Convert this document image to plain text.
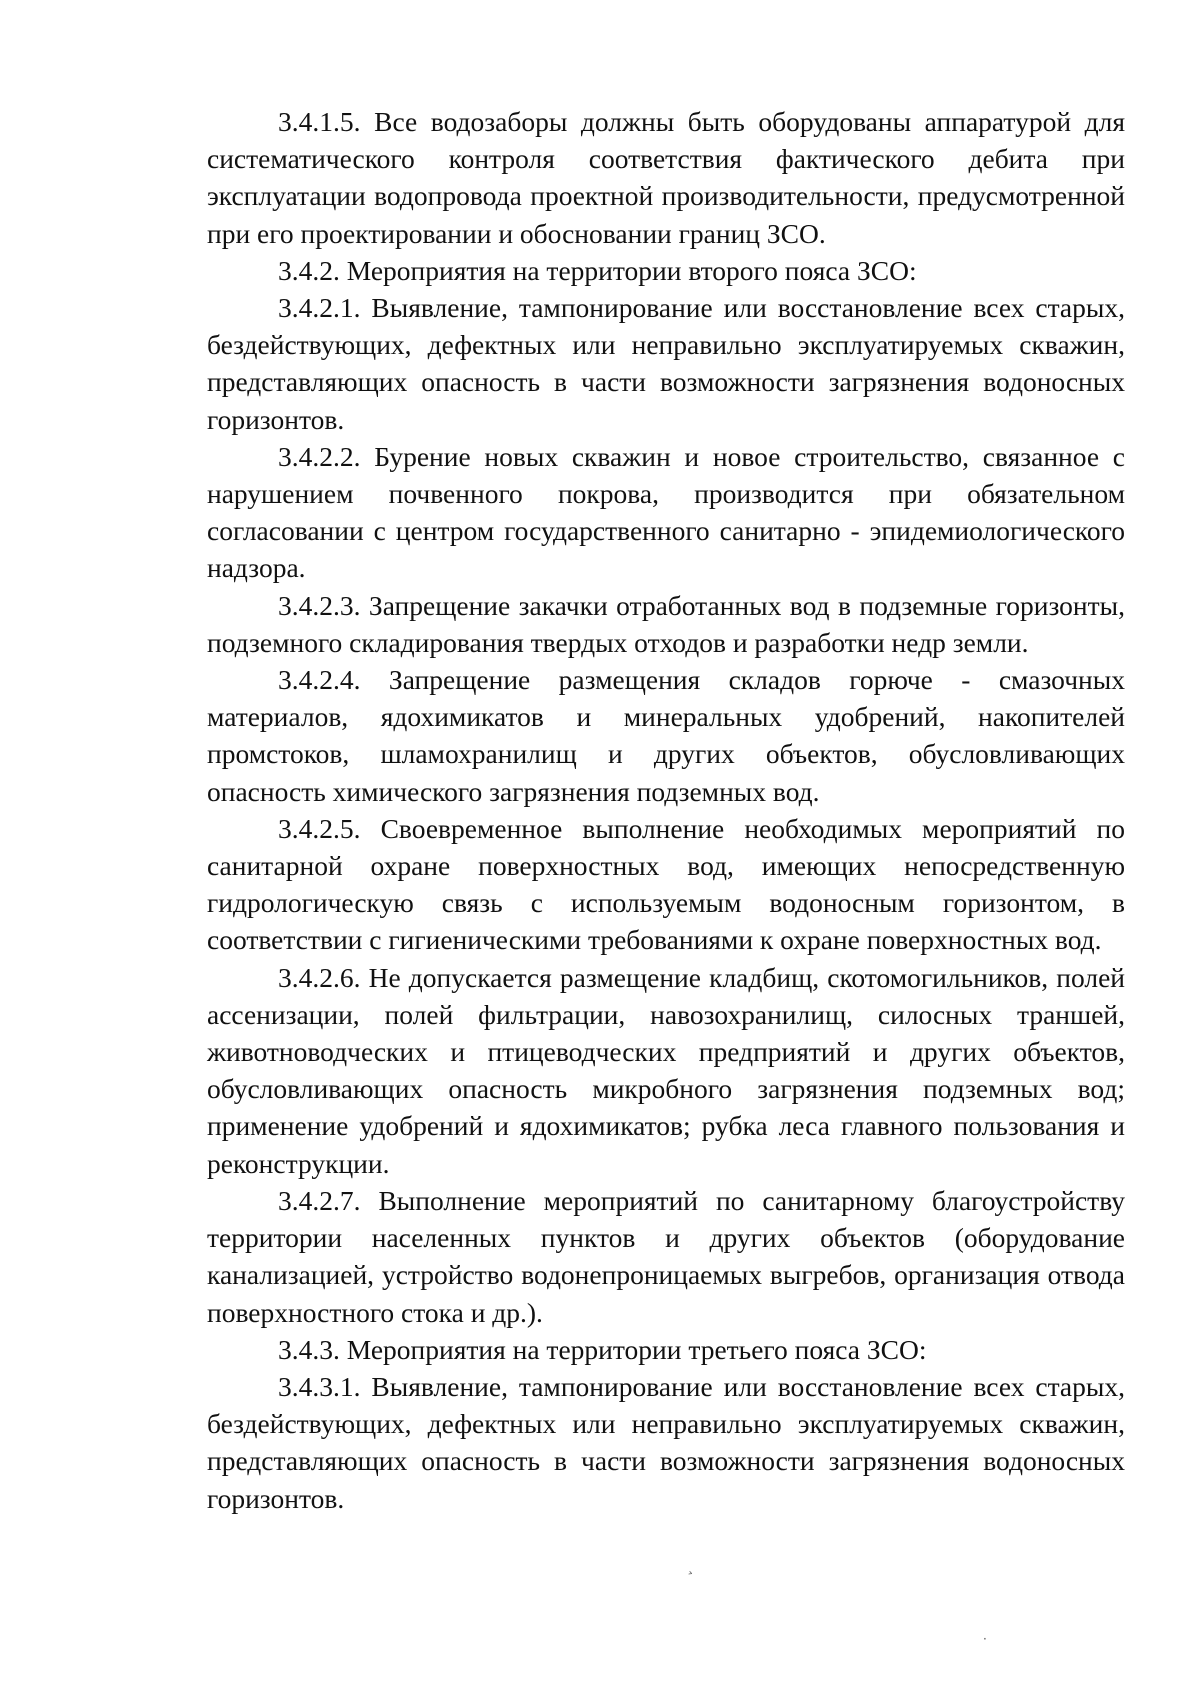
3.4.1.5. Все водозаборы должны быть оборудованы аппаратурой для систематического контроля соответствия фактического дебита при эксплуатации водопровода проектной производительности, предусмотренной при его проектировании и обосновании границ ЗСО.

3.4.2. Мероприятия на территории второго пояса ЗСО:

3.4.2.1. Выявление, тампонирование или восстановление всех старых, бездействующих, дефектных или неправильно эксплуатируемых скважин, представляющих опасность в части возможности загрязнения водоносных горизонтов.

3.4.2.2. Бурение новых скважин и новое строительство, связанное с нарушением почвенного покрова, производится при обязательном согласовании с центром государственного санитарно - эпидемиологического надзора.

3.4.2.3. Запрещение закачки отработанных вод в подземные горизонты, подземного складирования твердых отходов и разработки недр земли.

3.4.2.4. Запрещение размещения складов горюче - смазочных материалов, ядохимикатов и минеральных удобрений, накопителей промстоков, шламохранилищ и других объектов, обусловливающих опасность химического загрязнения подземных вод.

3.4.2.5. Своевременное выполнение необходимых мероприятий по санитарной охране поверхностных вод, имеющих непосредственную гидрологическую связь с используемым водоносным горизонтом, в соответствии с гигиеническими требованиями к охране поверхностных вод.

3.4.2.6. Не допускается размещение кладбищ, скотомогильников, полей ассенизации, полей фильтрации, навозохранилищ, силосных траншей, животноводческих и птицеводческих предприятий и других объектов, обусловливающих опасность микробного загрязнения подземных вод; применение удобрений и ядохимикатов; рубка леса главного пользования и реконструкции.

3.4.2.7. Выполнение мероприятий по санитарному благоустройству территории населенных пунктов и других объектов (оборудование канализацией, устройство водонепроницаемых выгребов, организация отвода поверхностного стока и др.).

3.4.3. Мероприятия на территории третьего пояса ЗСО:

3.4.3.1. Выявление, тампонирование или восстановление всех старых, бездействующих, дефектных или неправильно эксплуатируемых скважин, представляющих опасность в части возможности загрязнения водоносных горизонтов.

˃
·
